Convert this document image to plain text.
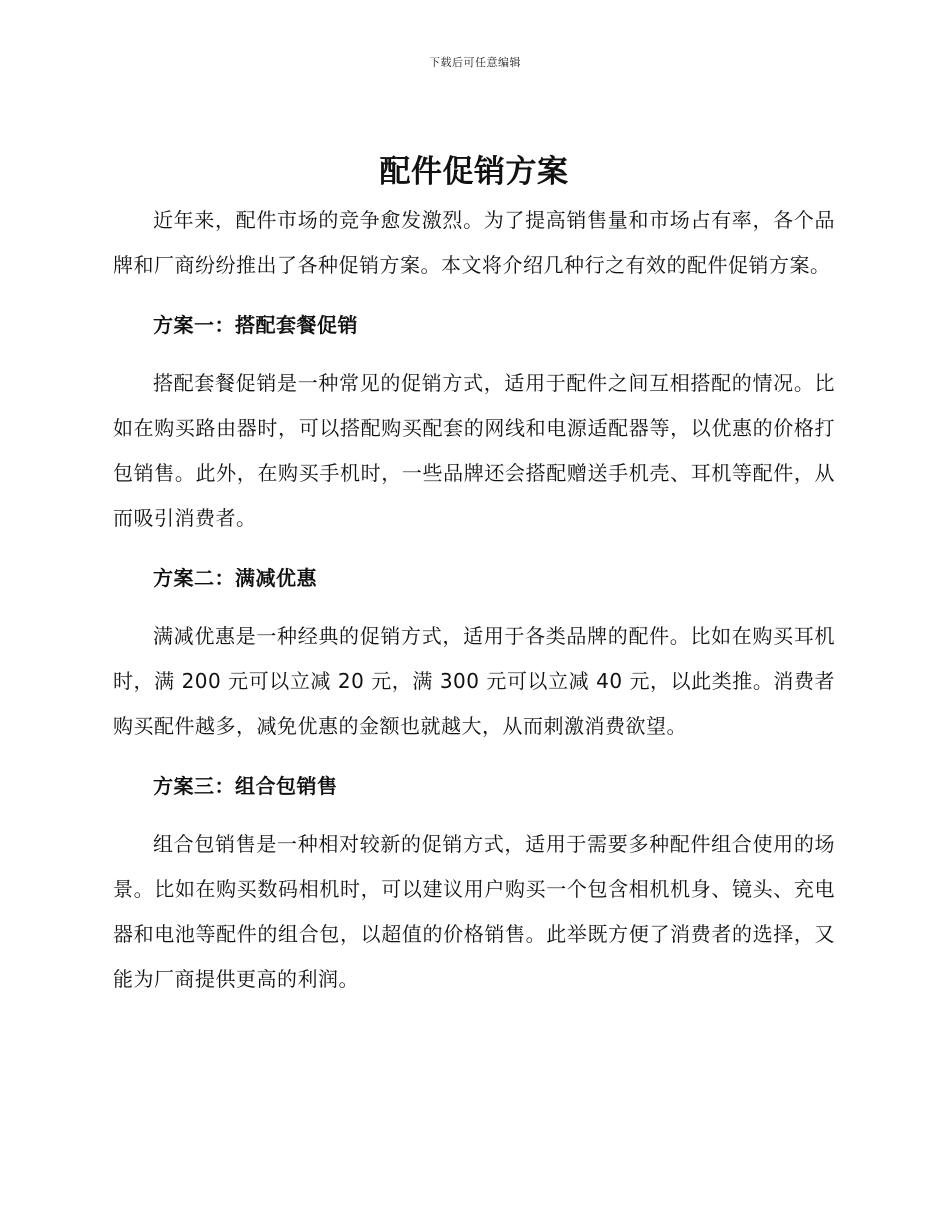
下载后可任意编辑
配件促销方案

近年来，配件市场的竞争愈发激烈。为了提高销售量和市场占有率，各个品牌和厂商纷纷推出了各种促销方案。本文将介绍几种行之有效的配件促销方案。

方案一：搭配套餐促销

搭配套餐促销是一种常见的促销方式，适用于配件之间互相搭配的情况。比如在购买路由器时，可以搭配购买配套的网线和电源适配器等，以优惠的价格打包销售。此外，在购买手机时，一些品牌还会搭配赠送手机壳、耳机等配件，从而吸引消费者。

方案二：满减优惠

满减优惠是一种经典的促销方式，适用于各类品牌的配件。比如在购买耳机时，满 200 元可以立减 20 元，满 300 元可以立减 40 元，以此类推。消费者购买配件越多，减免优惠的金额也就越大，从而刺激消费欲望。

方案三：组合包销售

组合包销售是一种相对较新的促销方式，适用于需要多种配件组合使用的场景。比如在购买数码相机时，可以建议用户购买一个包含相机机身、镜头、充电器和电池等配件的组合包，以超值的价格销售。此举既方便了消费者的选择，又能为厂商提供更高的利润。
